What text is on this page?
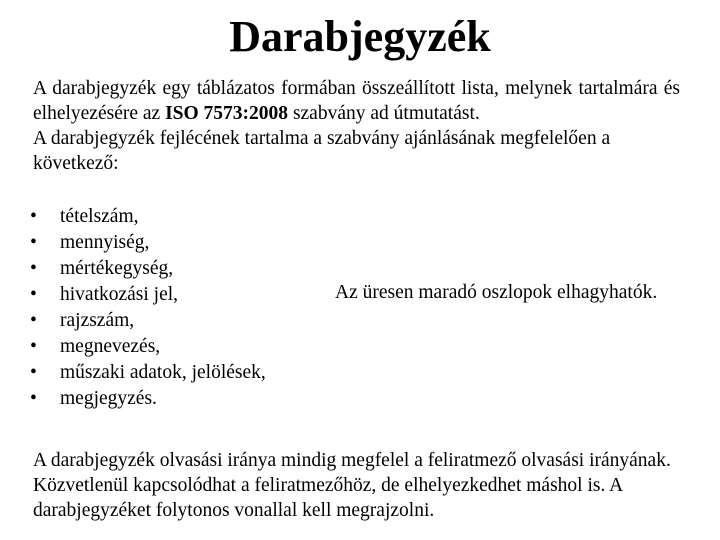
Darabjegyzék

A darabjegyzék egy táblázatos formában összeállított lista, melynek tartalmára és elhelyezésére az ISO 7573:2008 szabvány ad útmutatást.

A darabjegyzék fejlécének tartalma a szabvány ajánlásának megfelelően a következő:

• tételszám,
• mennyiség,
• mértékegység,
• hivatkozási jel,
• rajzszám,
• megnevezés,
• műszaki adatok, jelölések,
• megjegyzés.
Az üresen maradó oszlopok elhagyhatók.

A darabjegyzék olvasási iránya mindig megfelel a feliratmező olvasási irányának. Közvetlenül kapcsolódhat a feliratmezőhöz, de elhelyezkedhet máshol is. A darabjegyzéket folytonos vonallal kell megrajzolni.
